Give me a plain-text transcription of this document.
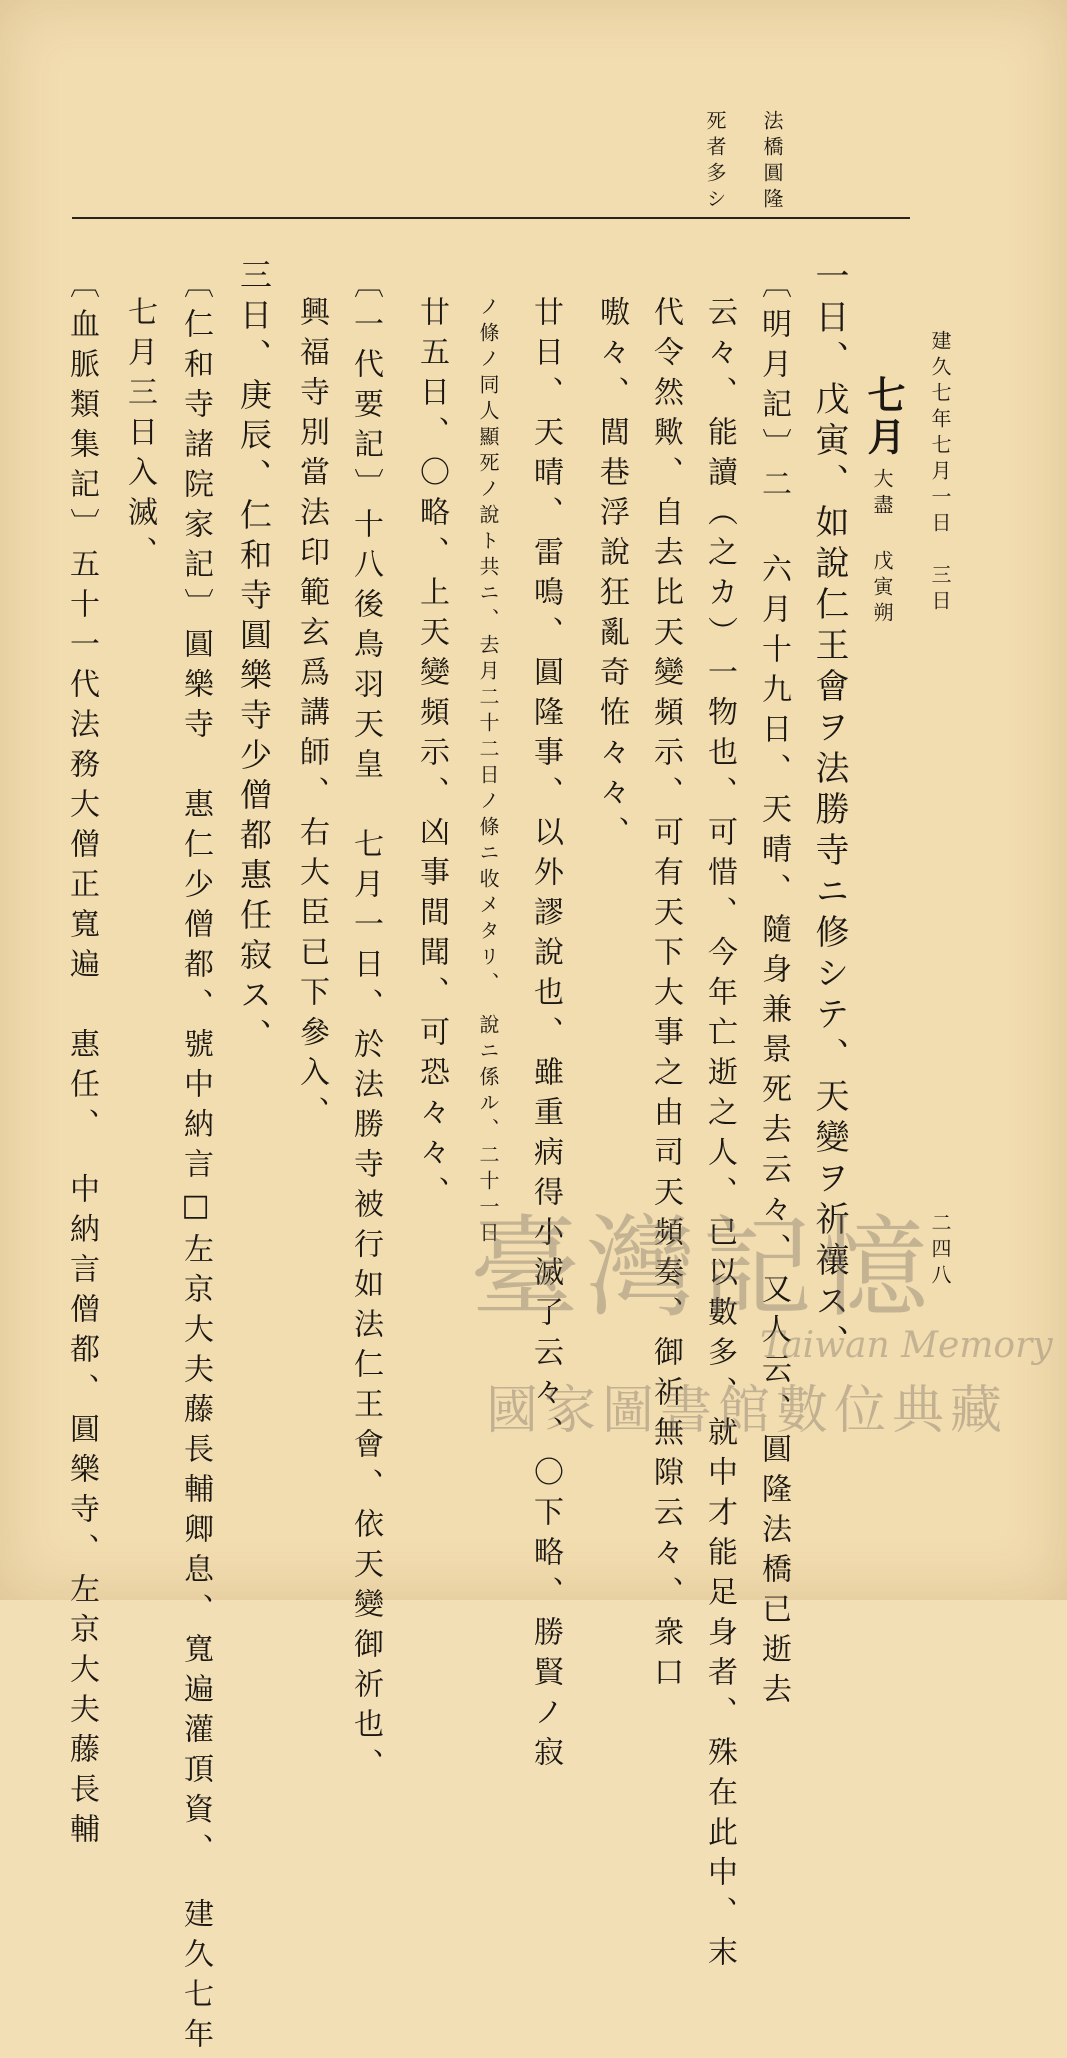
建久七年七月一日　三日
二四八
法橋圓隆
死者多シ
七月
大盡 戊寅朔
一日、戊寅、如說仁王會ヲ法勝寺ニ修シテ、天變ヲ祈禳ス、
〔明月記〕二 六月十九日、天晴、隨身兼景死去云々、又人云、圓隆法橋已逝去
云々、能讀（之カ）一物也、可惜、今年亡逝之人、已以數多、就中才能足身者、殊在此中、末
代令然歟、自去比天變頻示、可有天下大事之由司天頻奏、御祈無隙云々、衆口
嗷々、閭巷浮說狂亂奇恠々々、
廿日、天晴、雷鳴、圓隆事、以外謬說也、雖重病得小滅了云々、〇下略、勝賢ノ寂
ノ條ノ同人顯死ノ說ト共ニ、去月二十二日ノ條ニ收メタリ、　說ニ係ル、二十一日
廿五日、〇略、上天變頻示、凶事間聞、可恐々々、
〔一代要記〕十八後鳥羽天皇　七月一日、於法勝寺被行如法仁王會、依天變御祈也、
興福寺別當法印範玄爲講師、右大臣已下參入、
三日、庚辰、仁和寺圓樂寺少僧都惠任寂ス、
〔仁和寺諸院家記〕圓樂寺　惠仁少僧都、號中納言□左京大夫藤長輔卿息、寬遍灌頂資、　建久七年
七月三日入滅、
〔血脈類集記〕五十一代法務大僧正寬遍　惠任、　中納言僧都、圓樂寺、左京大夫藤長輔	臺灣記憶
Taiwan Memory
國家圖書館數位典藏
